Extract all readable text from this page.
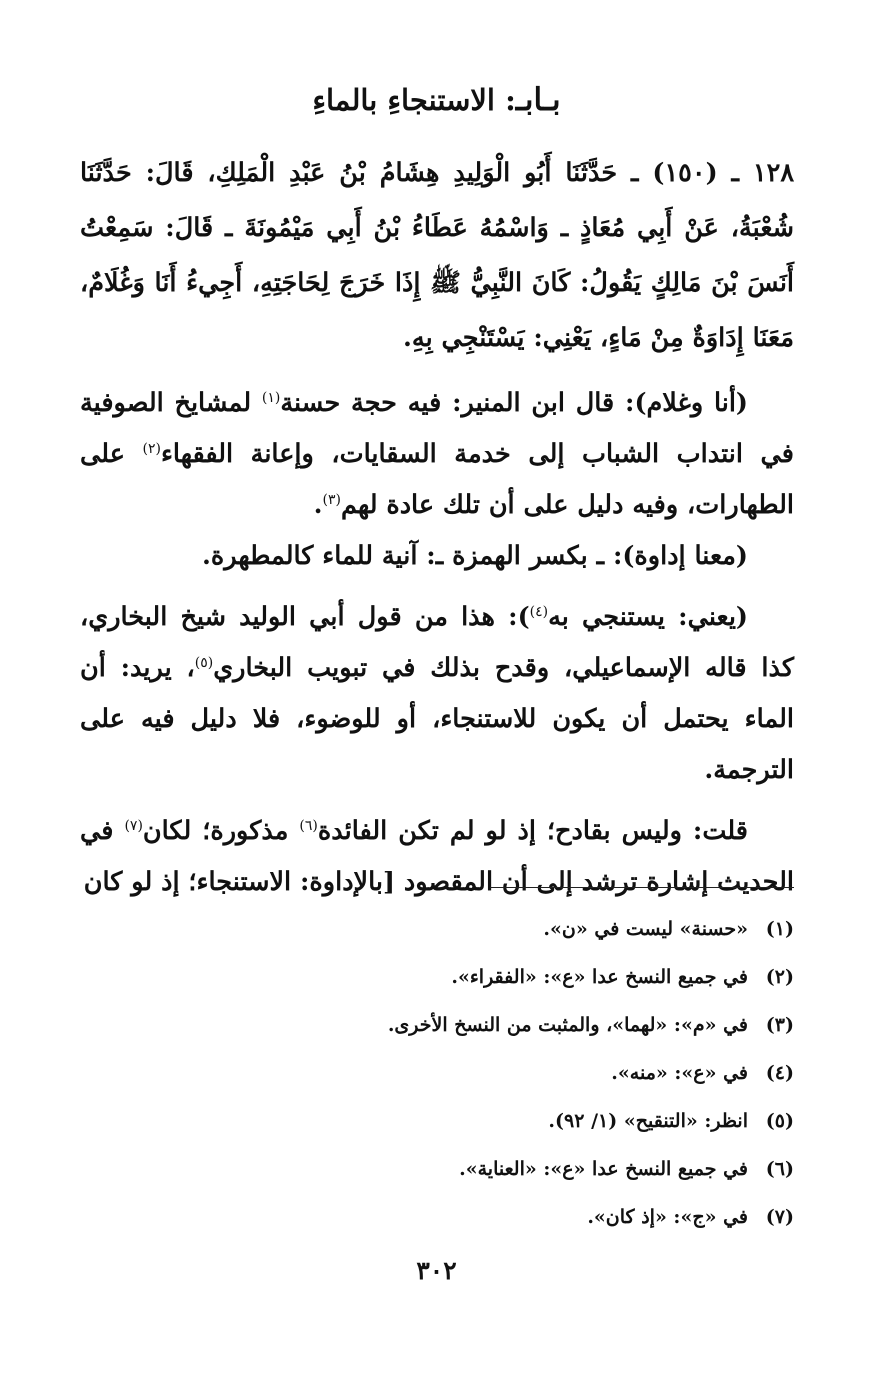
بـابـ: الاستنجاءِ بالماءِ
١٢٨ ـ (١٥٠) ـ حَدَّثَنَا أَبُو الْوَلِيدِ هِشَامُ بْنُ عَبْدِ الْمَلِكِ، قَالَ: حَدَّثَنَا شُعْبَةُ، عَنْ أَبِي مُعَاذٍ ـ وَاسْمُهُ عَطَاءُ بْنُ أَبِي مَيْمُونَةَ ـ قَالَ: سَمِعْتُ أَنَسَ بْنَ مَالِكٍ يَقُولُ: كَانَ النَّبِيُّ ﷺ إِذَا خَرَجَ لِحَاجَتِهِ، أَجِيءُ أَنَا وَغُلَامٌ، مَعَنَا إِدَاوَةٌ مِنْ مَاءٍ، يَعْنِي: يَسْتَنْجِي بِهِ.

(أنا وغلام): قال ابن المنير: فيه حجة حسنة$^{(١)}$ لمشايخ الصوفية في انتداب الشباب إلى خدمة السقايات، وإعانة الفقهاء$^{(٢)}$ على الطهارات، وفيه دليل على أن تلك عادة لهم$^{(٣)}$.

(معنا إداوة): ـ بكسر الهمزة ـ: آنية للماء كالمطهرة.

(يعني: يستنجي به$^{(٤)}$): هذا من قول أبي الوليد شيخ البخاري، كذا قاله الإسماعيلي، وقدح بذلك في تبويب البخاري$^{(٥)}$، يريد: أن الماء يحتمل أن يكون للاستنجاء، أو للوضوء، فلا دليل فيه على الترجمة.

قلت: وليس بقادح؛ إذ لو لم تكن الفائدة$^{(٦)}$ مذكورة؛ لكان$^{(٧)}$ في الحديث إشارة ترشد إلى أن المقصود [بالإداوة: الاستنجاء؛ إذ لو كان

(١)«حسنة» ليست في «ن».
(٢)في جميع النسخ عدا «ع»: «الفقراء».
(٣)في «م»: «لهما»، والمثبت من النسخ الأخرى.
(٤)في «ع»: «منه».
(٥)انظر: «التنقيح» (١/ ٩٢).
(٦)في جميع النسخ عدا «ع»: «العناية».
(٧)في «ج»: «إذ كان».
٣٠٢
